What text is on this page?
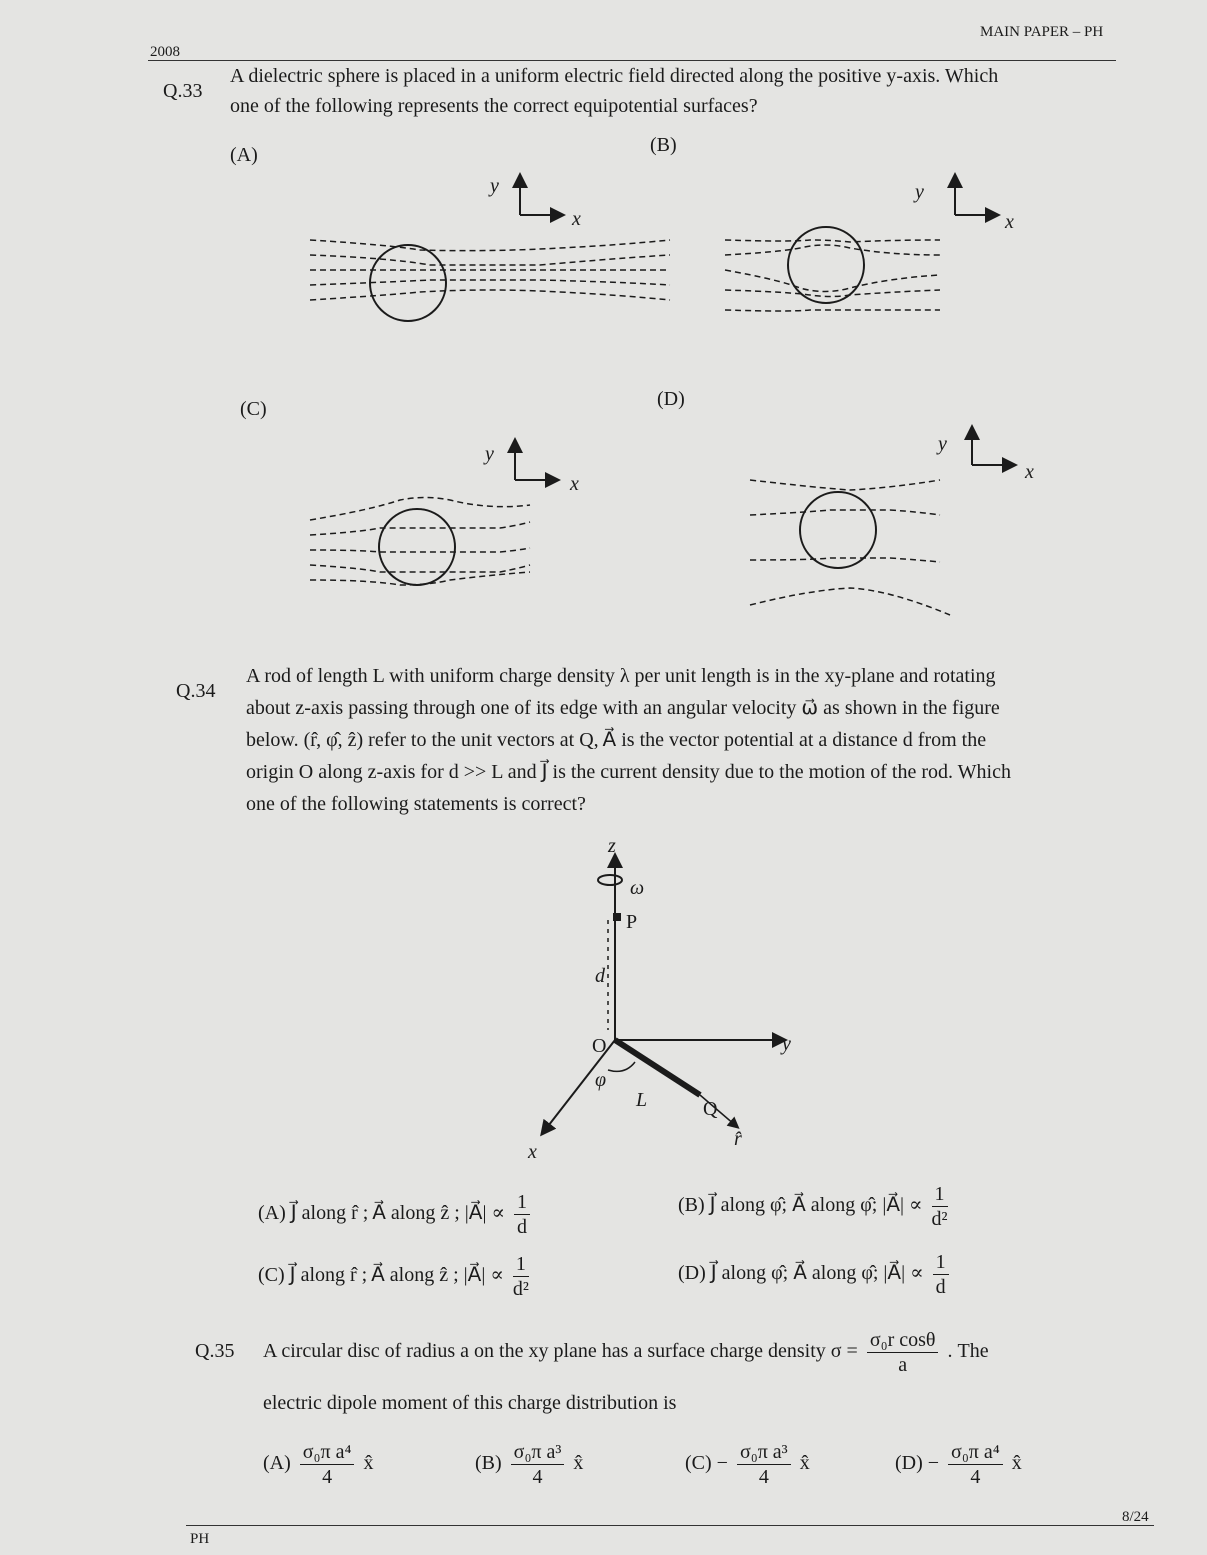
2008
MAIN PAPER – PH
Q.33
A dielectric sphere is placed in a uniform electric field directed along the positive y-axis. Which
one of the following represents the correct equipotential surfaces?
(A)	(B)
(C)	(D)
y
x
y
x
y
x
y
x
Q.34
A rod of length L with uniform charge density λ per unit length is in the xy-plane and rotating
about z-axis passing through one of its edge with an angular velocity ω⃗ as shown in the figure
below. (r̂, φ̂, ẑ) refer to the unit vectors at Q, A⃗ is the vector potential at a distance d from the
origin O along z-axis for d >> L and J⃗ is the current density due to the motion of the rod. Which
one of the following statements is correct?
z
ω
P
d
O	y
φ
L	Q
r̂
x
(A) J⃗ along r̂ ; A⃗ along ẑ ; |A⃗| ∝ $\frac{1}{d}$	(B) J⃗ along φ̂; A⃗ along φ̂; |A⃗| ∝ $\frac{1}{\text{d²}}$
(C) J⃗ along r̂ ; A⃗ along ẑ ; |A⃗| ∝ $\frac{1}{\text{d²}}$	(D) J⃗ along φ̂; A⃗ along φ̂; |A⃗| ∝ $\frac{1}{d}$
Q.35 A circular disc of radius a on the xy plane has a surface charge density $\sigma = \frac{\text{σ₀r cosθ}}{a}$ . The
electric dipole moment of this charge distribution is
$(A) \frac{\text{σ₀π a⁴}}{4}$ x̂	$(B) \frac{\text{σ₀π a³}}{4}$ x̂	$(C) - \frac{\text{σ₀π a³}}{4}$ x̂	$(D) - \frac{\text{σ₀π a⁴}}{4}$ x̂
PH
8/24
